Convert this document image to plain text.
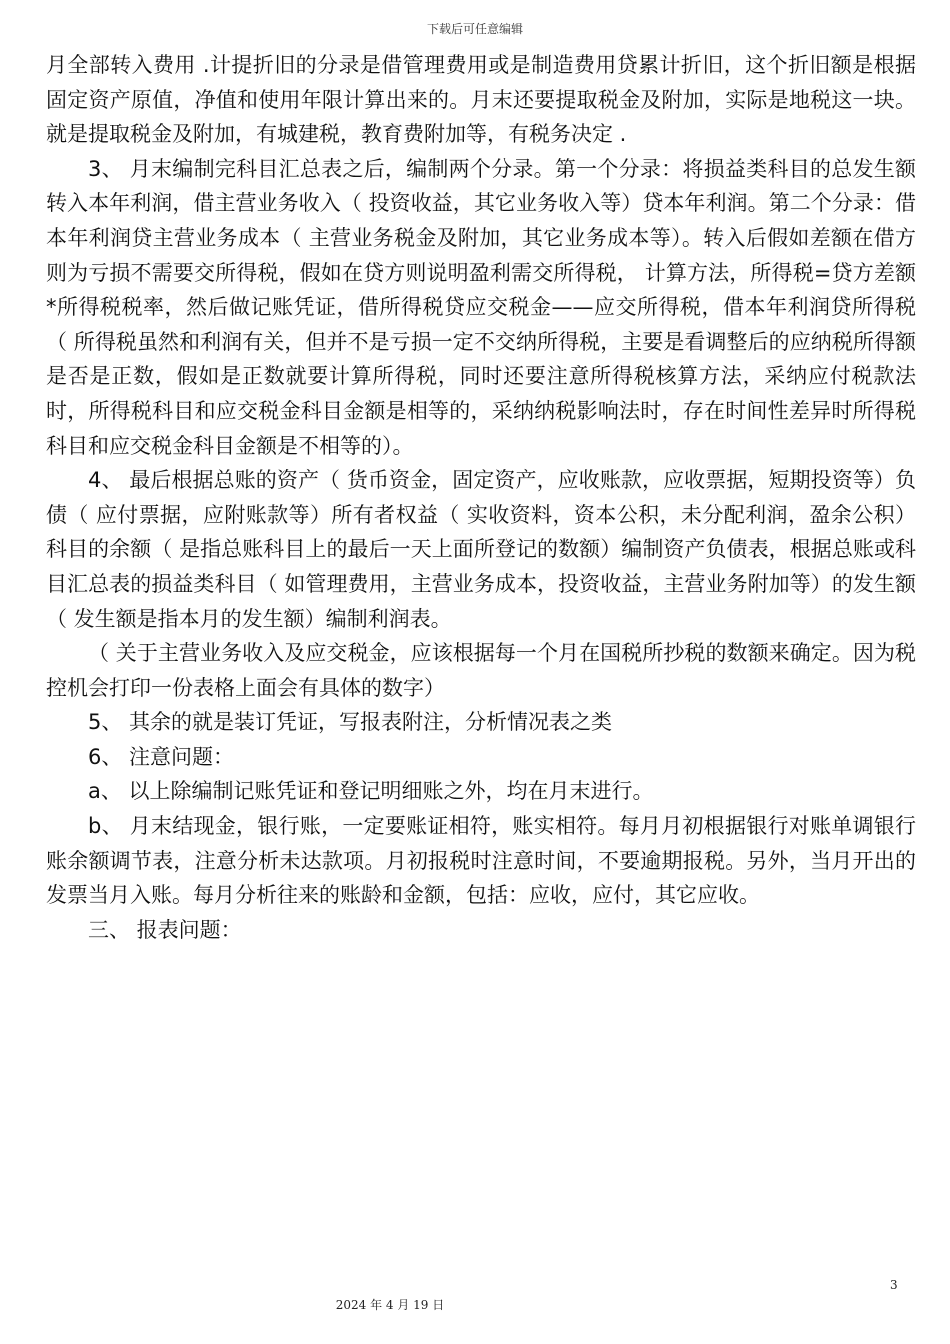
下载后可任意编辑

月全部转入费用 .计提折旧的分录是借管理费用或是制造费用贷累计折旧，这个折旧额是根据固定资产原值，净值和使用年限计算出来的。月末还要提取税金及附加，实际是地税这一块。就是提取税金及附加，有城建税，教育费附加等，有税务决定 .

3、 月末编制完科目汇总表之后，编制两个分录。第一个分录：将损益类科目的总发生额转入本年利润，借主营业务收入（ 投资收益，其它业务收入等）贷本年利润。第二个分录：借本年利润贷主营业务成本（ 主营业务税金及附加，其它业务成本等）。转入后假如差额在借方则为亏损不需要交所得税，假如在贷方则说明盈利需交所得税， 计算方法，所得税=贷方差额*所得税税率，然后做记账凭证，借所得税贷应交税金——应交所得税，借本年利润贷所得税（ 所得税虽然和利润有关，但并不是亏损一定不交纳所得税，主要是看调整后的应纳税所得额是否是正数，假如是正数就要计算所得税，同时还要注意所得税核算方法，采纳应付税款法时，所得税科目和应交税金科目金额是相等的，采纳纳税影响法时，存在时间性差异时所得税科目和应交税金科目金额是不相等的）。

4、 最后根据总账的资产（ 货币资金，固定资产，应收账款，应收票据，短期投资等）负债（ 应付票据，应附账款等）所有者权益（ 实收资料，资本公积，未分配利润，盈余公积）科目的余额（ 是指总账科目上的最后一天上面所登记的数额）编制资产负债表，根据总账或科目汇总表的损益类科目（ 如管理费用，主营业务成本，投资收益，主营业务附加等）的发生额（ 发生额是指本月的发生额）编制利润表。

（ 关于主营业务收入及应交税金，应该根据每一个月在国税所抄税的数额来确定。因为税控机会打印一份表格上面会有具体的数字）

5、 其余的就是装订凭证，写报表附注，分析情况表之类

6、 注意问题：

a、 以上除编制记账凭证和登记明细账之外，均在月末进行。

b、 月末结现金，银行账，一定要账证相符，账实相符。每月月初根据银行对账单调银行账余额调节表，注意分析未达款项。月初报税时注意时间，不要逾期报税。另外，当月开出的发票当月入账。每月分析往来的账龄和金额，包括：应收，应付，其它应收。

三、 报表问题：

3
2024 年 4 月 19 日
